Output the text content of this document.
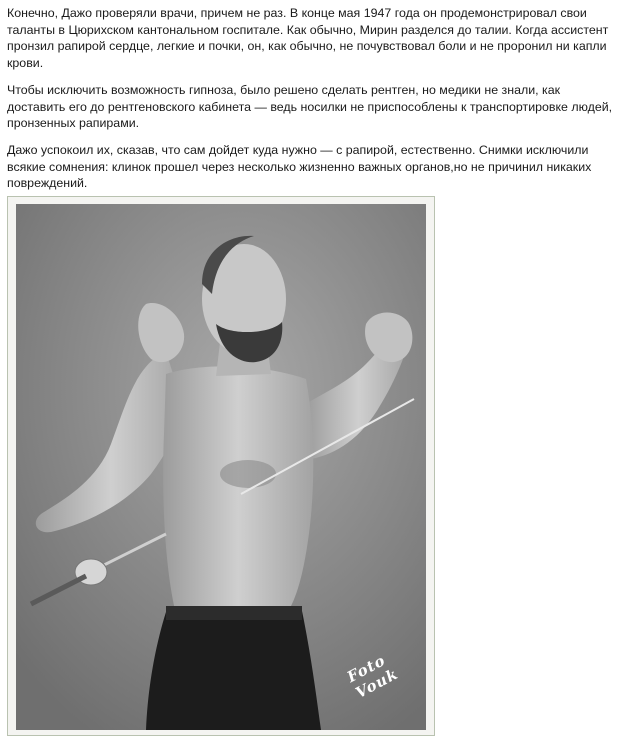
Конечно, Дажо проверяли врачи, причем не раз. В конце мая 1947 года он продемонстрировал свои таланты в Цюрихском кантональном госпитале. Как обычно, Мирин разделся до талии. Когда ассистент пронзил рапирой сердце, легкие и почки, он, как обычно, не почувствовал боли и не проронил ни капли крови.

Чтобы исключить возможность гипноза, было решено сделать рентген, но медики не знали, как доставить его до рентгеновского кабинета — ведь носилки не приспособлены к транспортировке людей, пронзенных рапирами.

Дажо успокоил их, сказав, что сам дойдет куда нужно — с рапирой, естественно. Снимки исключили всякие сомнения: клинок прошел через несколько жизненно важных органов,но не причинил никаких повреждений.

Foto Vouk
